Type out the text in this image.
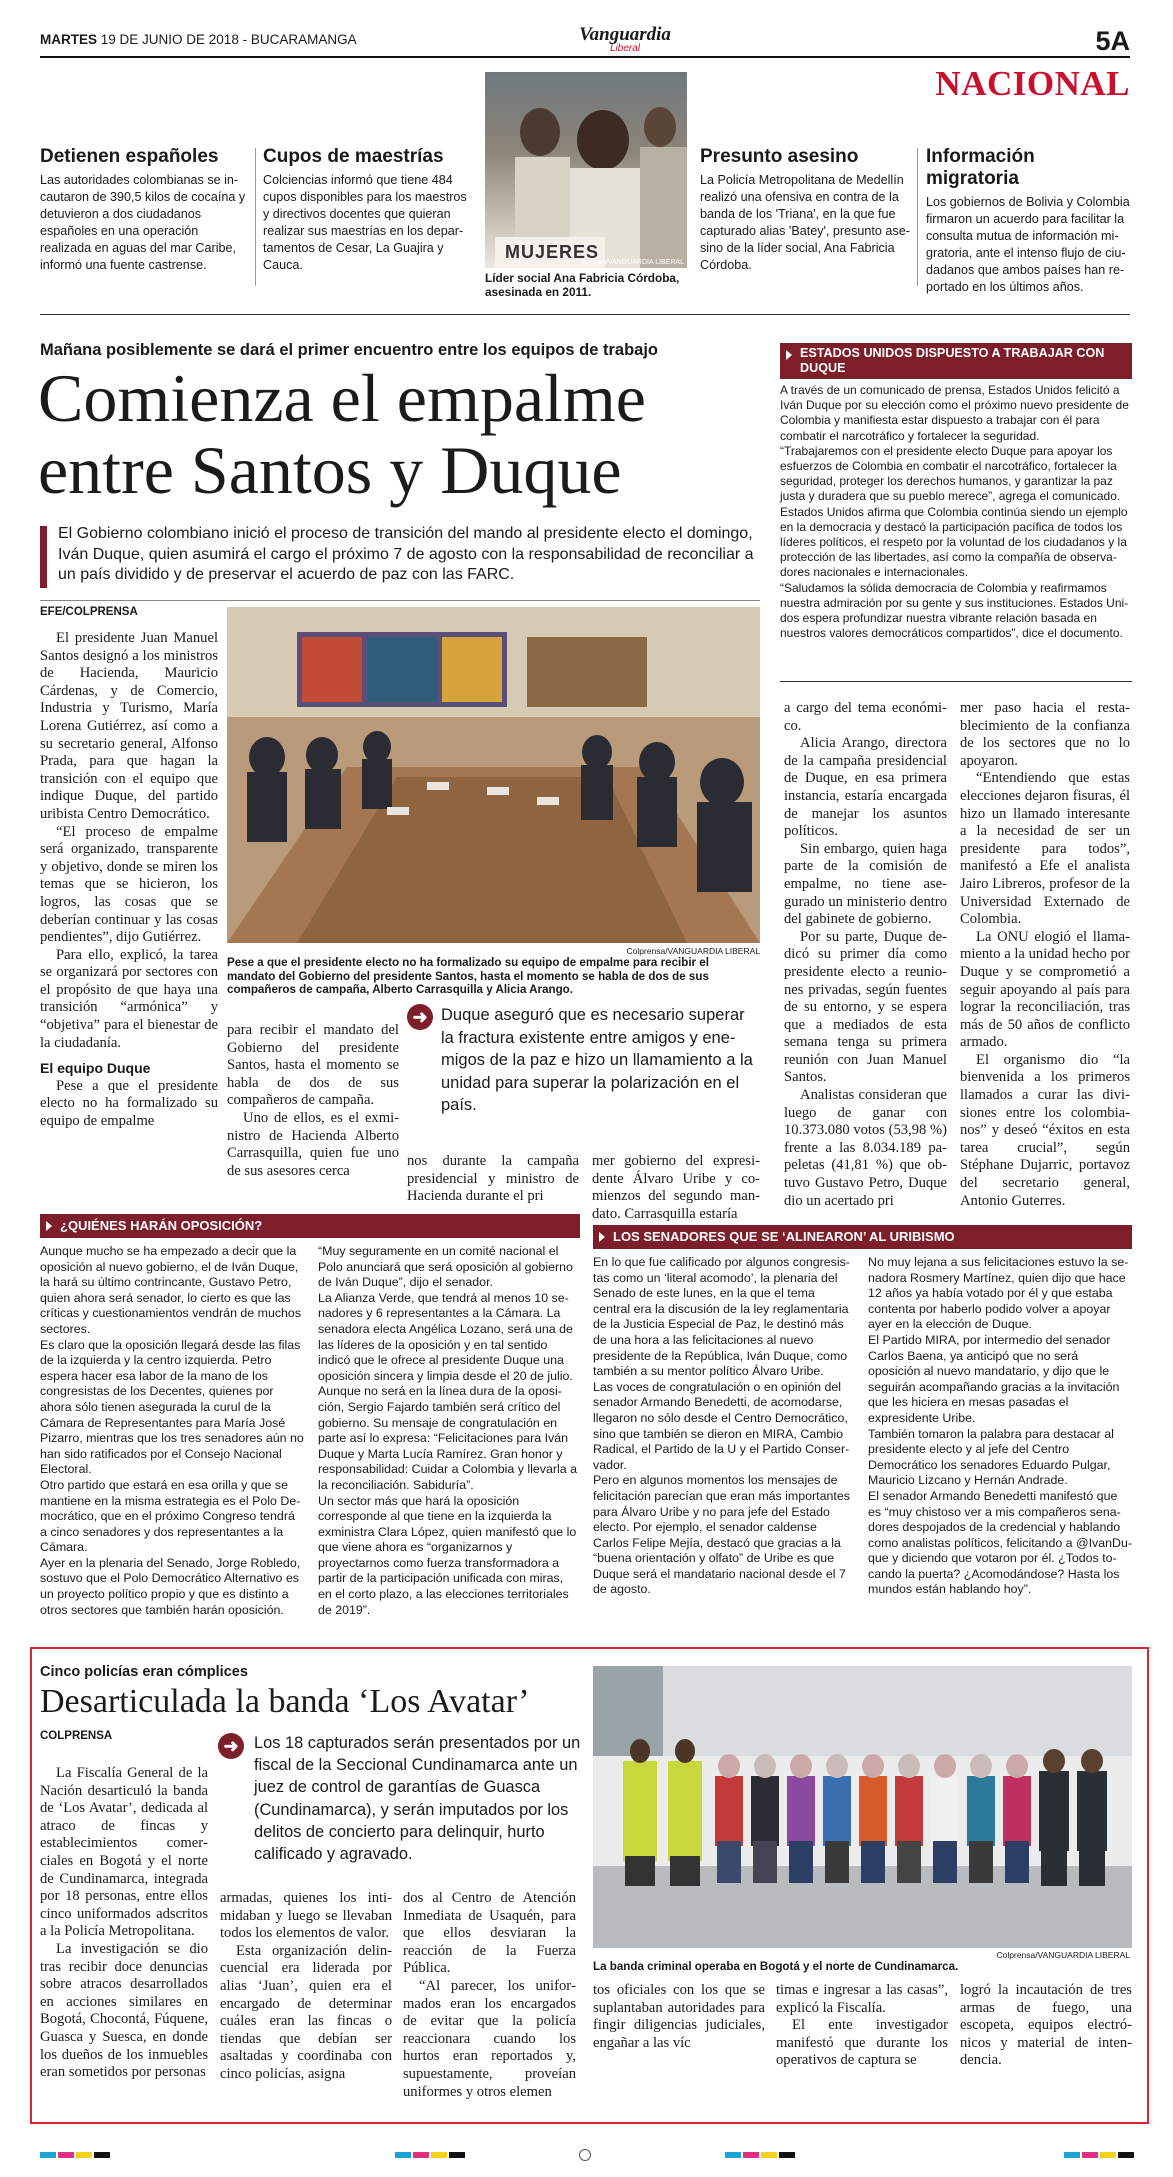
MARTES 19 DE JUNIO DE 2018 - BUCARAMANGA	Vanguardia
Liberal	5A
NACIONAL
Detienen españoles
Las autoridades colombianas se incautaron de 390,5 kilos de cocaína y detuvieron a dos ciudadanos españoles en una operación realizada en aguas del mar Caribe, informó una fuente castrense.
Cupos de maestrías
Colciencias informó que tiene 484 cupos disponibles para los maestros y directivos docentes que quieran realizar sus maestrías en los departamentos de Cesar, La Guajira y Cauca.
MUJERES
Archivo/VANGUARDIA LIBERAL
Líder social Ana Fabricia Córdoba, asesinada en 2011.
Presunto asesino
La Policía Metropolitana de Medellín realizó una ofensiva en contra de la banda de los 'Triana', en la que fue capturado alias 'Batey', presunto asesino de la líder social, Ana Fabricia Córdoba.
Información migratoria
Los gobiernos de Bolivia y Colombia firmaron un acuerdo para facilitar la consulta mutua de información migratoria, ante el intenso flujo de ciudadanos que ambos países han reportado en los últimos años.
Mañana posiblemente se dará el primer encuentro entre los equipos de trabajo
Comienza el empalme
entre Santos y Duque
El Gobierno colombiano inició el proceso de transición del mando al presidente electo el domingo, Iván Duque, quien asumirá el cargo el próximo 7 de agosto con la responsabilidad de reconciliar a un país dividido y de preservar el acuerdo de paz con las FARC.
EFE/COLPRENSA
Colprensa/VANGUARDIA LIBERAL
Pese a que el presidente electo no ha formalizado su equipo de empalme para recibir el mandato del Gobierno del presidente Santos, hasta el momento se habla de dos de sus compañeros de campaña, Alberto Carrasquilla y Alicia Arango.

El presidente Juan Manuel Santos designó a los ministros de Hacienda, Mauricio Cárdenas, y de Comercio, Industria y Turismo, María Lorena Gutiérrez, así como a su secretario general, Alfonso Prada, para que hagan la transición con el equipo que indique Duque, del partido uribista Centro Democrático.

“El proceso de empalme será organizado, transparente y objetivo, donde se miren los temas que se hicieron, los logros, las cosas que se deberían continuar y las cosas pendientes”, dijo Gutiérrez.

Para ello, explicó, la tarea se organizará por sectores con el propósito de que haya una transición “armónica” y “objetiva” para el bienestar de la ciudadanía.

El equipo Duque

Pese a que el presidente electo no ha formalizado su equipo de empalme

para recibir el mandato del Gobierno del presidente Santos, hasta el momento se habla de dos de sus compañeros de campaña.

Uno de ellos, es el exministro de Hacienda Alberto Carrasquilla, quien fue uno de sus asesores cerca

➜ Duque aseguró que es necesario superar la fractura existente entre amigos y enemigos de la paz e hizo un llamamiento a la unidad para superar la polarización en el país.

nos durante la campaña presidencial y ministro de Hacienda durante el pri

mer gobierno del expresidente Álvaro Uribe y comienzos del segundo mandato. Carrasquilla estaría

a cargo del tema económico.

Alicia Arango, directora de la campaña presidencial de Duque, en esa primera instancia, estaría encargada de manejar los asuntos políticos.

Sin embargo, quien haga parte de la comisión de empalme, no tiene asegurado un ministerio dentro del gabinete de gobierno.

Por su parte, Duque dedicó su primer día como presidente electo a reuniones privadas, según fuentes de su entorno, y se espera que a mediados de esta semana tenga su primera reunión con Juan Manuel Santos.

Analistas consideran que luego de ganar con 10.373.080 votos (53,98 %) frente a las 8.034.189 papeletas (41,81 %) que obtuvo Gustavo Petro, Duque dio un acertado pri

mer paso hacia el restablecimiento de la confianza de los sectores que no lo apoyaron.

“Entendiendo que estas elecciones dejaron fisuras, él hizo un llamado interesante a la necesidad de ser un presidente para todos”, manifestó a Efe el analista Jairo Libreros, profesor de la Universidad Externado de Colombia.

La ONU elogió el llamamiento a la unidad hecho por Duque y se comprometió a seguir apoyando al país para lograr la reconciliación, tras más de 50 años de conflicto armado.

El organismo dio “la bienvenida a los primeros llamados a curar las divisiones entre los colombianos” y deseó “éxitos en esta tarea crucial”, según Stéphane Dujarric, portavoz del secretario general, Antonio Guterres.

ESTADOS UNIDOS DISPUESTO A TRABAJAR CON DUQUE

A través de un comunicado de prensa, Estados Unidos felicitó a Iván Duque por su elección como el próximo nuevo presidente de Colombia y manifiesta estar dispuesto a trabajar con él para combatir el narcotráfico y fortalecer la seguridad.

“Trabajaremos con el presidente electo Duque para apoyar los esfuerzos de Colombia en combatir el narcotráfico, fortalecer la seguridad, proteger los derechos humanos, y garantizar la paz justa y duradera que su pueblo merece”, agrega el comunicado. Estados Unidos afirma que Colombia continúa siendo un ejemplo en la democracia y destacó la participación pacífica de todos los líderes políticos, el respeto por la voluntad de los ciudadanos y la protección de las libertades, así como la compañía de observadores nacionales e internacionales.

“Saludamos la sólida democracia de Colombia y reafirmamos nuestra admiración por su gente y sus instituciones. Estados Unidos espera profundizar nuestra vibrante relación basada en nuestros valores democráticos compartidos”, dice el documento.

¿QUIÉNES HARÁN OPOSICIÓN?

Aunque mucho se ha empezado a decir que la oposición al nuevo gobierno, el de Iván Duque, la hará su último contrincante, Gustavo Petro, quien ahora será senador, lo cierto es que las críticas y cuestionamientos vendrán de muchos sectores.

Es claro que la oposición llegará desde las filas de la izquierda y la centro izquierda. Petro espera hacer esa labor de la mano de los congresistas de los Decentes, quienes por ahora sólo tienen asegurada la curul de la Cámara de Representantes para María José Pizarro, mientras que los tres senadores aún no han sido ratificados por el Consejo Nacional Electoral.

Otro partido que estará en esa orilla y que se mantiene en la misma estrategia es el Polo Democrático, que en el próximo Congreso tendrá a cinco senadores y dos representantes a la Cámara.

Ayer en la plenaria del Senado, Jorge Robledo, sostuvo que el Polo Democrático Alternativo es un proyecto político propio y que es distinto a otros sectores que también harán oposición.

“Muy seguramente en un comité nacional el Polo anunciará que será oposición al gobierno de Iván Duque”, dijo el senador.

La Alianza Verde, que tendrá al menos 10 senadores y 6 representantes a la Cámara. La senadora electa Angélica Lozano, será una de las líderes de la oposición y en tal sentido indicó que le ofrece al presidente Duque una oposición sincera y limpia desde el 20 de julio.

Aunque no será en la línea dura de la oposición, Sergio Fajardo también será crítico del gobierno. Su mensaje de congratulación en parte así lo expresa: “Felicitaciones para Iván Duque y Marta Lucía Ramírez. Gran honor y responsabilidad: Cuidar a Colombia y llevarla a la reconciliación. Sabiduría”.

Un sector más que hará la oposición corresponde al que tiene en la izquierda la exministra Clara López, quien manifestó que lo que viene ahora es “organizarnos y proyectarnos como fuerza transformadora a partir de la participación unificada con miras, en el corto plazo, a las elecciones territoriales de 2019”.

LOS SENADORES QUE SE ‘ALINEARON’ AL URIBISMO

En lo que fue calificado por algunos congresistas como un ‘literal acomodo’, la plenaria del Senado de este lunes, en la que el tema central era la discusión de la ley reglamentaria de la Justicia Especial de Paz, le destinó más de una hora a las felicitaciones al nuevo presidente de la República, Iván Duque, como también a su mentor político Álvaro Uribe.

Las voces de congratulación o en opinión del senador Armando Benedetti, de acomodarse, llegaron no sólo desde el Centro Democrático, sino que también se dieron en MIRA, Cambio Radical, el Partido de la U y el Partido Conservador.

Pero en algunos momentos los mensajes de felicitación parecían que eran más importantes para Álvaro Uribe y no para jefe del Estado electo. Por ejemplo, el senador caldense Carlos Felipe Mejía, destacó que gracias a la “buena orientación y olfato” de Uribe es que Duque será el mandatario nacional desde el 7 de agosto.

No muy lejana a sus felicitaciones estuvo la senadora Rosmery Martínez, quien dijo que hace 12 años ya había votado por él y que estaba contenta por haberlo podido volver a apoyar ayer en la elección de Duque.

El Partido MIRA, por intermedio del senador Carlos Baena, ya anticipó que no será oposición al nuevo mandatario, y dijo que le seguirán acompañando gracias a la invitación que les hiciera en mesas pasadas el expresidente Uribe.

También tomaron la palabra para destacar al presidente electo y al jefe del Centro Democrático los senadores Eduardo Pulgar, Mauricio Lizcano y Hernán Andrade.

El senador Armando Benedetti manifestó que es “muy chistoso ver a mis compañeros senadores despojados de la credencial y hablando como analistas políticos, felicitando a @IvanDuque y diciendo que votaron por él. ¿Todos tocando la puerta? ¿Acomodándose? Hasta los mundos están hablando hoy”.

Cinco policías eran cómplices
Desarticulada la banda ‘Los Avatar’
COLPRENSA	➜ Los 18 capturados serán presentados por un fiscal de la Seccional Cundinamarca ante un juez de control de garantías de Guasca (Cundinamarca), y serán imputados por los delitos de concierto para delinquir, hurto calificado y agravado.

La Fiscalía General de la Nación desarticuló la banda de ‘Los Avatar’, dedicada al atraco de fincas y establecimientos comerciales en Bogotá y el norte de Cundinamarca, integrada por 18 personas, entre ellos cinco uniformados adscritos a la Policía Metropolitana.

La investigación se dio tras recibir doce denuncias sobre atracos desarrollados en acciones similares en Bogotá, Chocontá, Fúquene, Guasca y Suesca, en donde los dueños de los inmuebles eran sometidos por personas

armadas, quienes los intimidaban y luego se llevaban todos los elementos de valor.

Esta organización delincuencial era liderada por alias ‘Juan’, quien era el encargado de determinar cuáles eran las fincas o tiendas que debían ser asaltadas y coordinaba con cinco policías, asigna

dos al Centro de Atención Inmediata de Usaquén, para que ellos desviaran la reacción de la Fuerza Pública.

“Al parecer, los uniformados eran los encargados de evitar que la policía reaccionara cuando los hurtos eran reportados y, supuestamente, proveían uniformes y otros elemen

Colprensa/VANGUARDIA LIBERAL
La banda criminal operaba en Bogotá y el norte de Cundinamarca.

tos oficiales con los que se suplantaban autoridades para fingir diligencias judiciales, engañar a las víc

timas e ingresar a las casas”, explicó la Fiscalía.

El ente investigador manifestó que durante los operativos de captura se

logró la incautación de tres armas de fuego, una escopeta, equipos electrónicos y material de intendencia.
